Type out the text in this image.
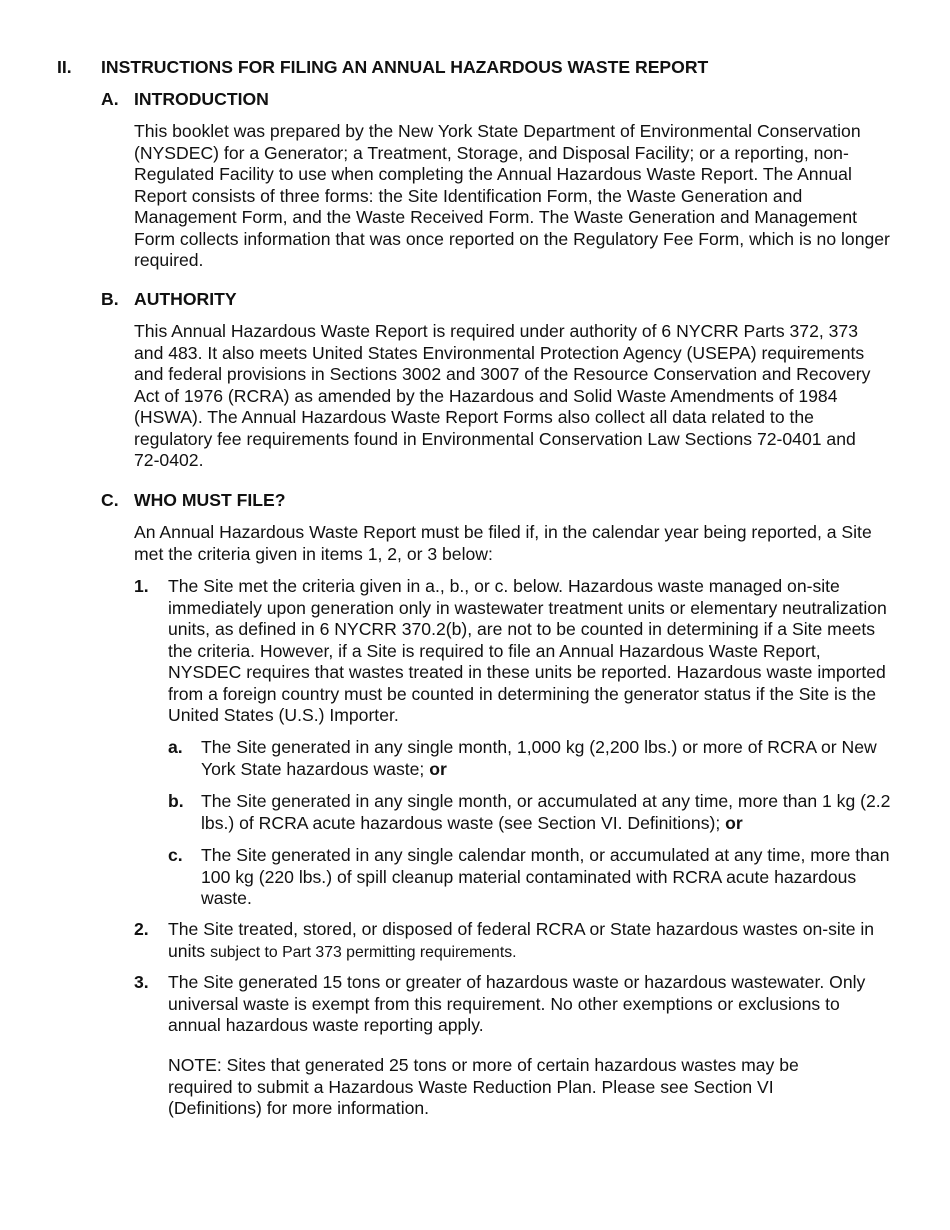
II. INSTRUCTIONS FOR FILING AN ANNUAL HAZARDOUS WASTE REPORT
A. INTRODUCTION

This booklet was prepared by the New York State Department of Environmental Conservation (NYSDEC) for a Generator; a Treatment, Storage, and Disposal Facility; or a reporting, non-Regulated Facility to use when completing the Annual Hazardous Waste Report. The Annual Report consists of three forms: the Site Identification Form, the Waste Generation and Management Form, and the Waste Received Form. The Waste Generation and Management Form collects information that was once reported on the Regulatory Fee Form, which is no longer required.

B. AUTHORITY

This Annual Hazardous Waste Report is required under authority of 6 NYCRR Parts 372, 373 and 483. It also meets United States Environmental Protection Agency (USEPA) requirements and federal provisions in Sections 3002 and 3007 of the Resource Conservation and Recovery Act of 1976 (RCRA) as amended by the Hazardous and Solid Waste Amendments of 1984 (HSWA). The Annual Hazardous Waste Report Forms also collect all data related to the regulatory fee requirements found in Environmental Conservation Law Sections 72-0401 and 72-0402.

C. WHO MUST FILE?

An Annual Hazardous Waste Report must be filed if, in the calendar year being reported, a Site met the criteria given in items 1, 2, or 3 below:

1. The Site met the criteria given in a., b., or c. below. Hazardous waste managed on-site immediately upon generation only in wastewater treatment units or elementary neutralization units, as defined in 6 NYCRR 370.2(b), are not to be counted in determining if a Site meets the criteria. However, if a Site is required to file an Annual Hazardous Waste Report, NYSDEC requires that wastes treated in these units be reported. Hazardous waste imported from a foreign country must be counted in determining the generator status if the Site is the United States (U.S.) Importer.

a. The Site generated in any single month, 1,000 kg (2,200 lbs.) or more of RCRA or New York State hazardous waste; or

b. The Site generated in any single month, or accumulated at any time, more than 1 kg (2.2 lbs.) of RCRA acute hazardous waste (see Section VI. Definitions); or

c. The Site generated in any single calendar month, or accumulated at any time, more than 100 kg (220 lbs.) of spill cleanup material contaminated with RCRA acute hazardous waste.

2. The Site treated, stored, or disposed of federal RCRA or State hazardous wastes on-site in units subject to Part 373 permitting requirements.

3. The Site generated 15 tons or greater of hazardous waste or hazardous wastewater. Only universal waste is exempt from this requirement. No other exemptions or exclusions to annual hazardous waste reporting apply.

NOTE: Sites that generated 25 tons or more of certain hazardous wastes may be required to submit a Hazardous Waste Reduction Plan. Please see Section VI (Definitions) for more information.
